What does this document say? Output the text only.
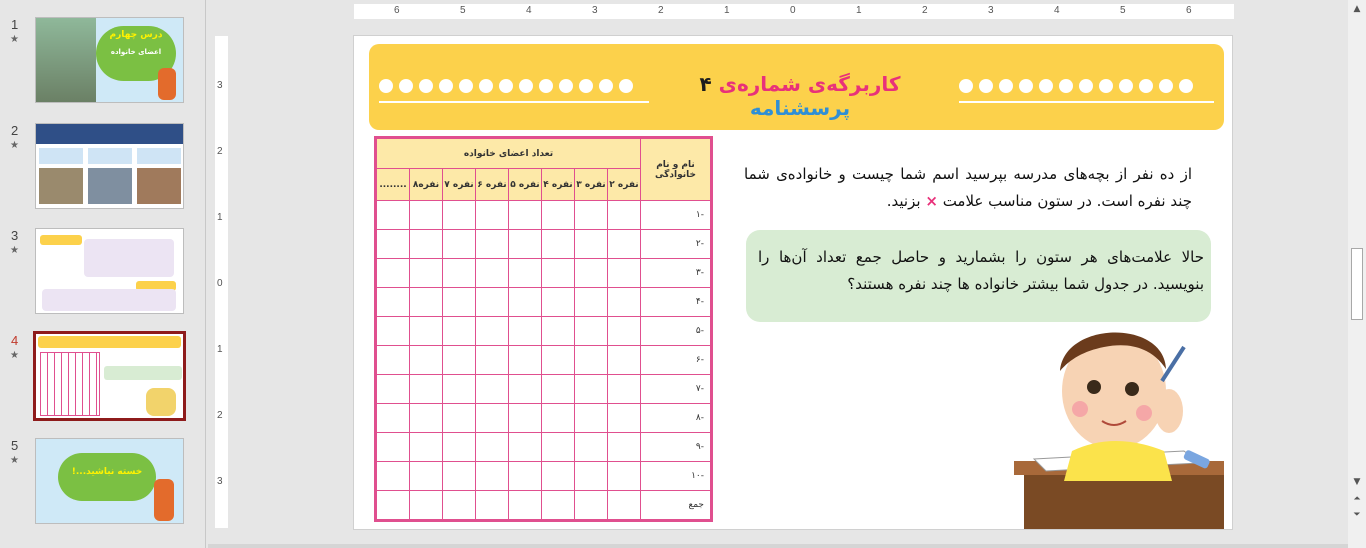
1
★	درس چهارم
اعضای خانواده
2
★
3
★
4
★
5
★
خسته نباشید...!
6	5	4	3	2	1	0	1	2	3	4	5	6
3
2
1
0
1
2
3
کاربرگه‌ی شماره‌ی ۴ پرسشنامه
تعداد اعضای خانواده								نام و نام خانوادگی
........	۸نفره	۷ نفره	۶ نفره	۵ نفره	۴ نفره	۳ نفره	۲ نفره	
								-۱
								-۲
								-۳
								-۴
								-۵
								-۶
								-۷
								-۸
								-۹
								-۱۰
								جمع
از ده نفر از بچه‌های مدرسه بپرسید اسم شما چیست و خانواده‌ی شما چند نفره است. در ستون مناسب علامت × بزنید.
حالا علامت‌های هر ستون را بشمارید و حاصل جمع تعداد آن‌ها را بنویسید. در جدول شما بیشتر خانواده ها چند نفره هستند؟
▲
▼
⏶
⏷
